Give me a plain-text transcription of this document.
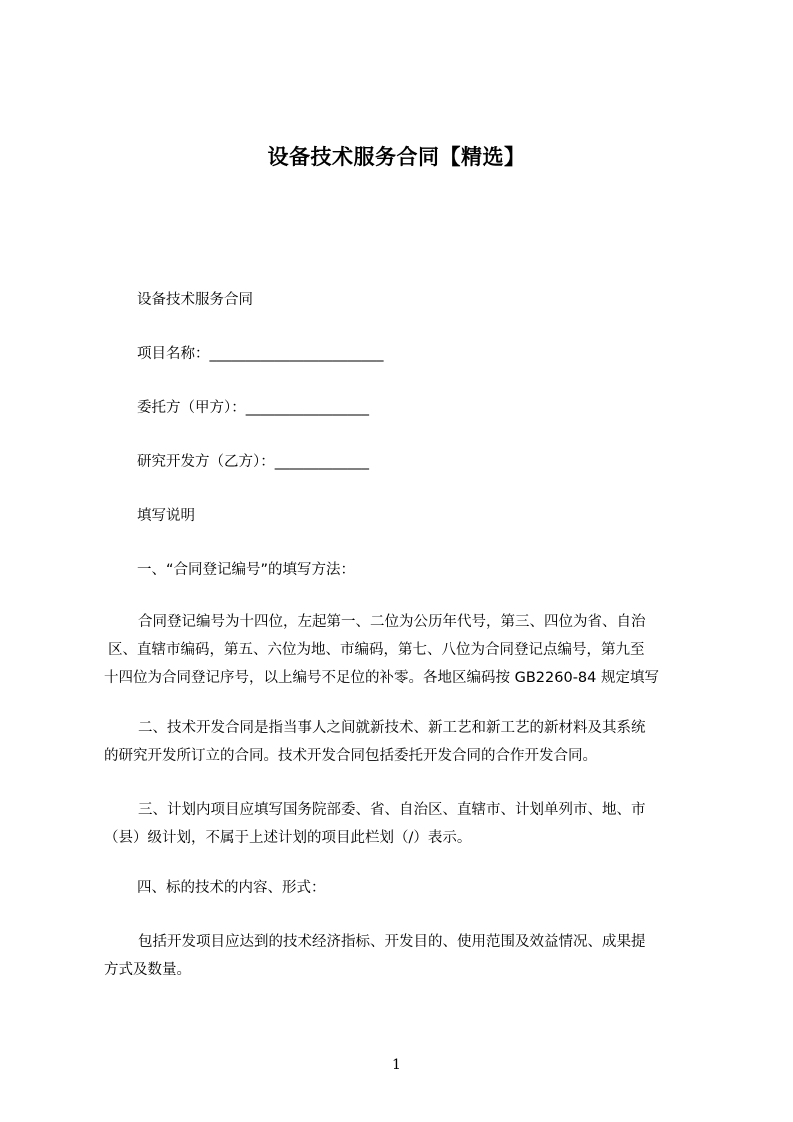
设备技术服务合同【精选】
设备技术服务合同
项目名称：________________________
委托方（甲方）：_________________
研究开发方（乙方）：_____________
填写说明
一、“合同登记编号”的填写方法：
合同登记编号为十四位，左起第一、二位为公历年代号，第三、四位为省、自治
区、直辖市编码，第五、六位为地、市编码，第七、八位为合同登记点编号，第九至
十四位为合同登记序号，以上编号不足位的补零。各地区编码按 GB2260-84 规定填写
二、技术开发合同是指当事人之间就新技术、新工艺和新工艺的新材料及其系统
的研究开发所订立的合同。技术开发合同包括委托开发合同的合作开发合同。
三、计划内项目应填写国务院部委、省、自治区、直辖市、计划单列市、地、市
（县）级计划，不属于上述计划的项目此栏划（/）表示。
四、标的技术的内容、形式：
包括开发项目应达到的技术经济指标、开发目的、使用范围及效益情况、成果提
方式及数量。
1
